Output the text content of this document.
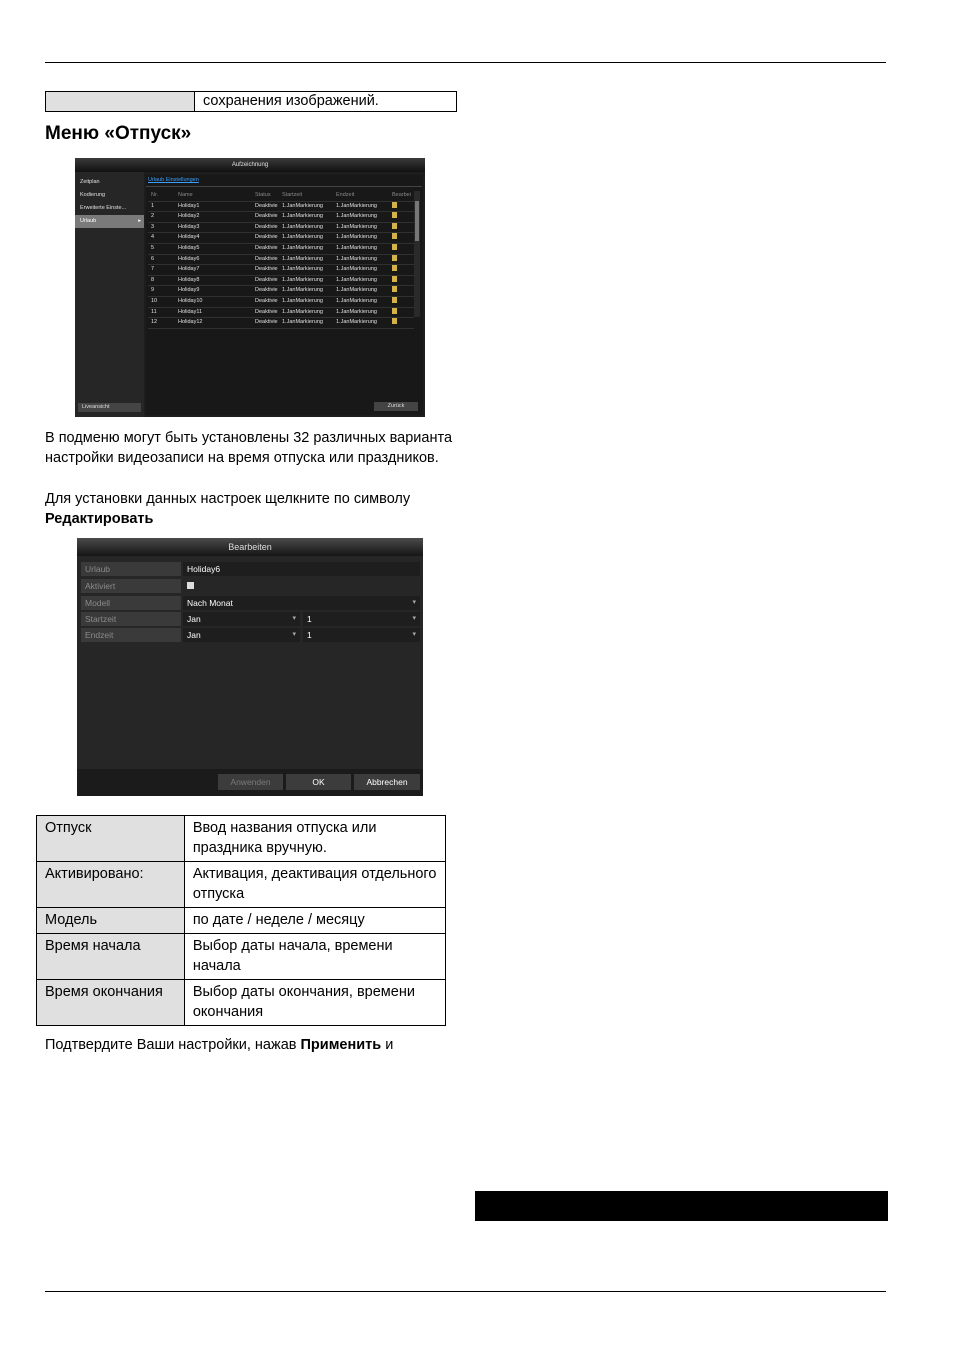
сохранения изображений.
Меню «Отпуск»
Aufzeichnung
Zeitplan
Kodierung
Erweiterte Einste...
Urlaub	▸
Liveansicht
Urlaub Einstellungen
Nr.	Name	Status Startzeit	Endzeit	Bearbei
1	Holiday1	Deaktivie 1.JanMarkierung 1.JanMarkierung
2	Holiday2	Deaktivie 1.JanMarkierung 1.JanMarkierung
3	Holiday3	Deaktivie 1.JanMarkierung 1.JanMarkierung
4	Holiday4	Deaktivie 1.JanMarkierung 1.JanMarkierung
5	Holiday5	Deaktivie 1.JanMarkierung 1.JanMarkierung
6	Holiday6	Deaktivie 1.JanMarkierung 1.JanMarkierung
7	Holiday7	Deaktivie 1.JanMarkierung 1.JanMarkierung
8	Holiday8	Deaktivie 1.JanMarkierung 1.JanMarkierung
9	Holiday9	Deaktivie 1.JanMarkierung 1.JanMarkierung
10	Holiday10	Deaktivie 1.JanMarkierung 1.JanMarkierung
11	Holiday11	Deaktivie 1.JanMarkierung 1.JanMarkierung
12	Holiday12	Deaktivie 1.JanMarkierung 1.JanMarkierung
Zurück
В подменю могут быть установлены 32 различных варианта настройки видеозаписи на время отпуска или праздников.
Для установки данных настроек щелкните по символу Редактировать
Bearbeiten
Urlaub	Holiday6
Aktiviert
Modell	Nach Monat	▾
Startzeit	Jan	▾	1	▾
Endzeit	Jan	▾	1	▾
Anwenden	OK	Abbrechen
Отпуск	Ввод названия отпуска или праздника вручную.
Активировано:	Активация, деактивация отдельного отпуска
Модель	по дате / неделе / месяцу
Время начала	Выбор даты начала, времени начала
Время окончания	Выбор даты окончания, времени окончания
Подтвердите Ваши настройки, нажав Применить и
